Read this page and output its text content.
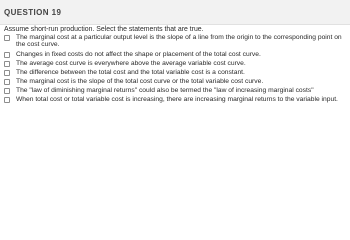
QUESTION 19
Assume short-run production. Select the statements that are true.
The marginal cost at a particular output level is the slope of a line from the origin to the corresponding point on the cost curve.
Changes in fixed costs do not affect the shape or placement of the total cost curve.
The average cost curve is everywhere above the average variable cost curve.
The difference between the total cost and the total variable cost is a constant.
The marginal cost is the slope of the total cost curve or the total variable cost curve.
The "law of diminishing marginal returns" could also be termed the "law of increasing marginal costs"
When total cost or total variable cost is increasing, there are increasing marginal returns to the variable input.
